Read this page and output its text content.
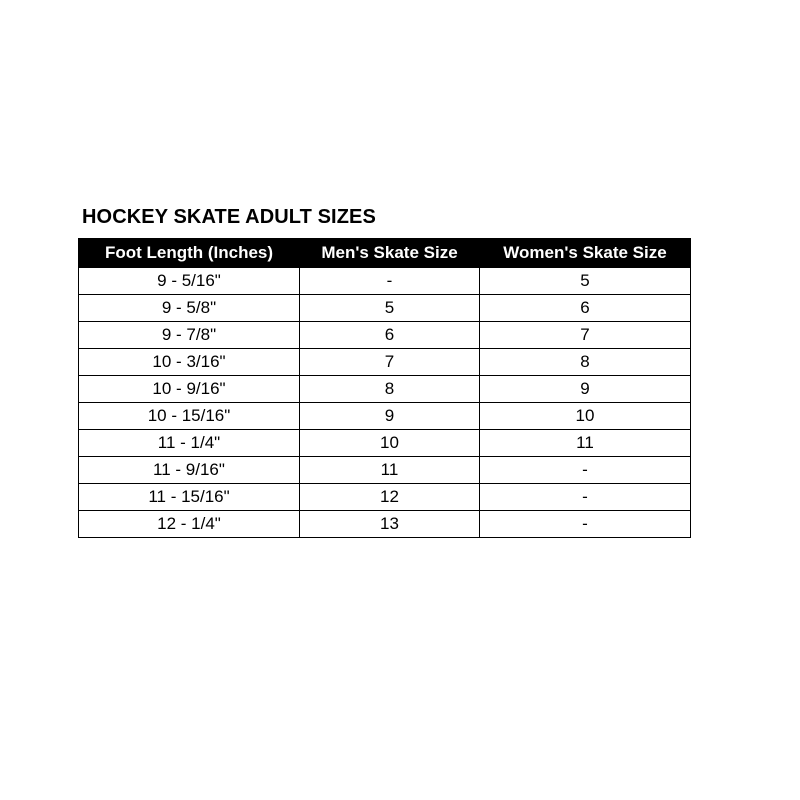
HOCKEY SKATE ADULT SIZES
Foot Length (Inches)	Men's Skate Size	Women's Skate Size
9 - 5/16"	-	5
9 - 5/8"	5	6
9 - 7/8"	6	7
10 - 3/16"	7	8
10 - 9/16"	8	9
10 - 15/16"	9	10
11 - 1/4"	10	11
11 - 9/16"	11	-
11 - 15/16"	12	-
12 - 1/4"	13	-
